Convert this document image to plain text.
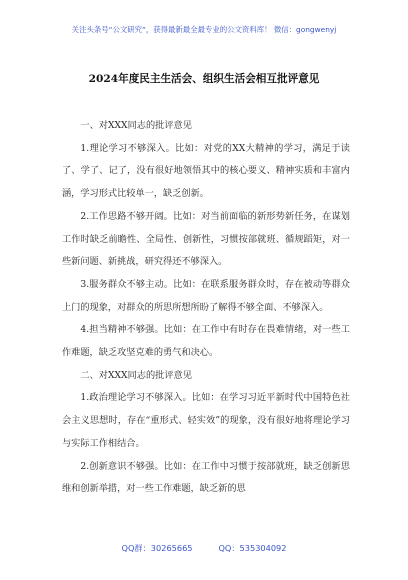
关注头条号“公文研究”，获得最新最全最专业的公文资料库！ 微信：gongwenyj
2024年度民主生活会、组织生活会相互批评意见

一、对XXX同志的批评意见

1.理论学习不够深入。比如：对党的XX大精神的学习，满足于读了、学了、记了，没有很好地领悟其中的核心要义、精神实质和丰富内涵，学习形式比较单一，缺乏创新。

2.工作思路不够开阔。比如：对当前面临的新形势新任务，在谋划工作时缺乏前瞻性、全局性、创新性，习惯按部就班、循规蹈矩，对一些新问题、新挑战，研究得还不够深入。

3.服务群众不够主动。比如：在联系服务群众时，存在被动等群众上门的现象，对群众的所思所想所盼了解得不够全面、不够深入。

4.担当精神不够强。比如：在工作中有时存在畏难情绪，对一些工作难题，缺乏攻坚克难的勇气和决心。

二、对XXX同志的批评意见

1.政治理论学习不够深入。比如：在学习习近平新时代中国特色社会主义思想时，存在“重形式、轻实效”的现象，没有很好地将理论学习与实际工作相结合。

2.创新意识不够强。比如：在工作中习惯于按部就班，缺乏创新思维和创新举措，对一些工作难题，缺乏新的思

QQ群：30265665	QQ：535304092
